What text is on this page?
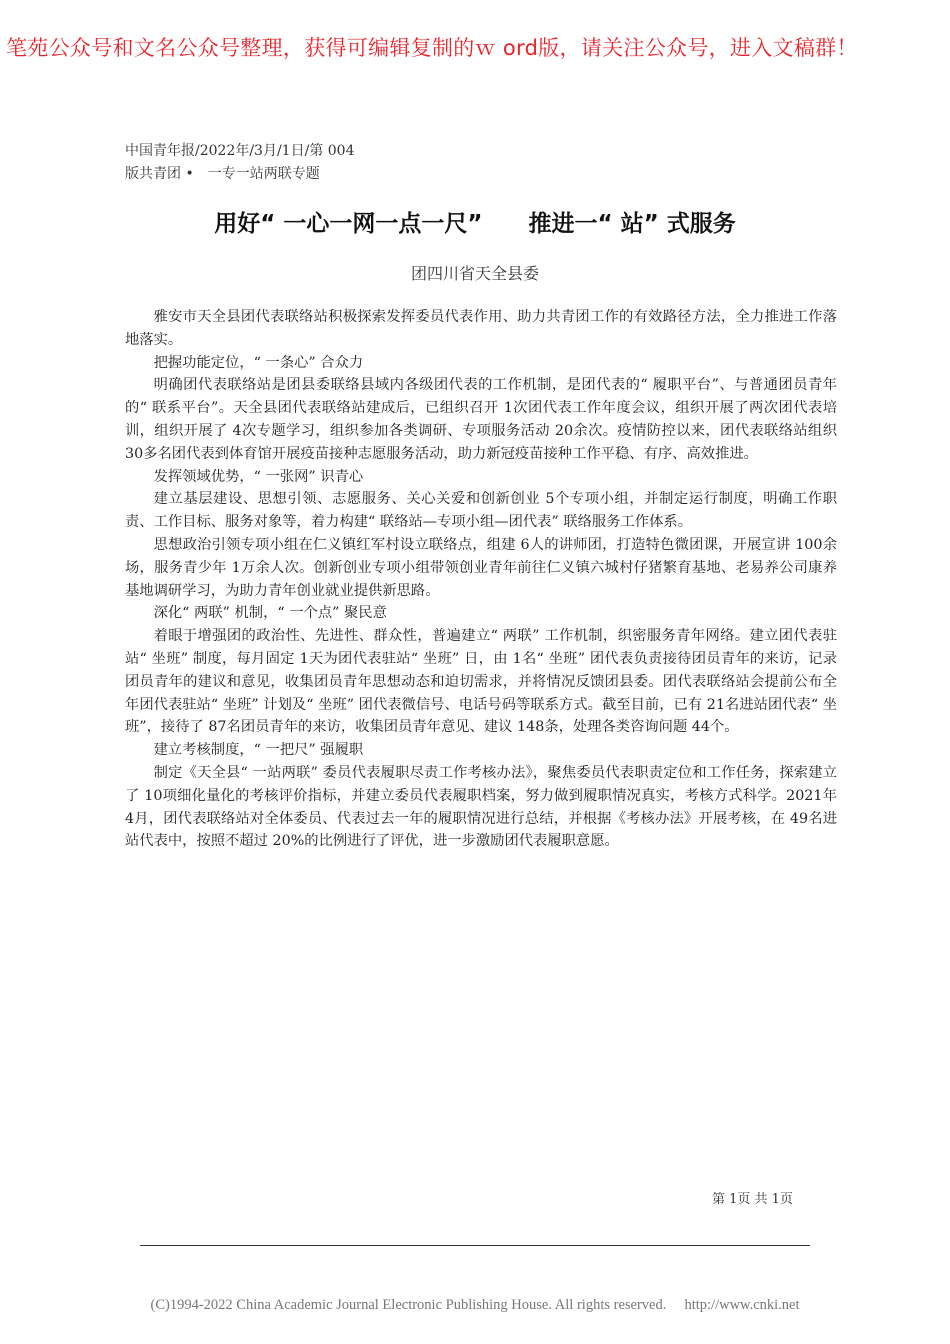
笔苑公众号和文名公众号整理，获得可编辑复制的ｗ ord版，请关注公众号，进入文稿群！
中国青年报/2022年/3月/1日/第 004
版共青团 •　一专一站两联专题
用好“ 一心一网一点一尺”　　推进一“ 站” 式服务
团四川省天全县委

雅安市天全县团代表联络站积极探索发挥委员代表作用、助力共青团工作的有效路径方法，全力推进工作落地落实。

把握功能定位，“ 一条心” 合众力

明确团代表联络站是团县委联络县域内各级团代表的工作机制，是团代表的“ 履职平台”、与普通团员青年的“ 联系平台”。天全县团代表联络站建成后，已组织召开 1次团代表工作年度会议，组织开展了两次团代表培训，组织开展了 4次专题学习，组织参加各类调研、专项服务活动 20余次。疫情防控以来，团代表联络站组织 30多名团代表到体育馆开展疫苗接种志愿服务活动，助力新冠疫苗接种工作平稳、有序、高效推进。

发挥领域优势，“ 一张网” 识青心

建立基层建设、思想引领、志愿服务、关心关爱和创新创业 5个专项小组，并制定运行制度，明确工作职责、工作目标、服务对象等，着力构建“ 联络站—专项小组—团代表” 联络服务工作体系。

思想政治引领专项小组在仁义镇红军村设立联络点，组建 6人的讲师团，打造特色微团课，开展宣讲 100余场，服务青少年 1万余人次。创新创业专项小组带领创业青年前往仁义镇六城村仔猪繁育基地、老易养公司康养基地调研学习，为助力青年创业就业提供新思路。

深化“ 两联” 机制，“ 一个点” 聚民意

着眼于增强团的政治性、先进性、群众性，普遍建立“ 两联” 工作机制，织密服务青年网络。建立团代表驻站“ 坐班” 制度，每月固定 1天为团代表驻站“ 坐班” 日，由 1名“ 坐班” 团代表负责接待团员青年的来访，记录团员青年的建议和意见，收集团员青年思想动态和迫切需求，并将情况反馈团县委。团代表联络站会提前公布全年团代表驻站“ 坐班” 计划及“ 坐班” 团代表微信号、电话号码等联系方式。截至目前，已有 21名进站团代表“ 坐班”，接待了 87名团员青年的来访，收集团员青年意见、建议 148条，处理各类咨询问题 44个。

建立考核制度，“ 一把尺” 强履职

制定《天全县“ 一站两联” 委员代表履职尽责工作考核办法》，聚焦委员代表职责定位和工作任务，探索建立了 10项细化量化的考核评价指标，并建立委员代表履职档案，努力做到履职情况真实，考核方式科学。2021年 4月，团代表联络站对全体委员、代表过去一年的履职情况进行总结，并根据《考核办法》开展考核，在 49名进站代表中，按照不超过 20%的比例进行了评优，进一步激励团代表履职意愿。

第 1页 共 1页
(C)1994-2022 China Academic Journal Electronic Publishing House. All rights reserved.     http://www.cnki.net
